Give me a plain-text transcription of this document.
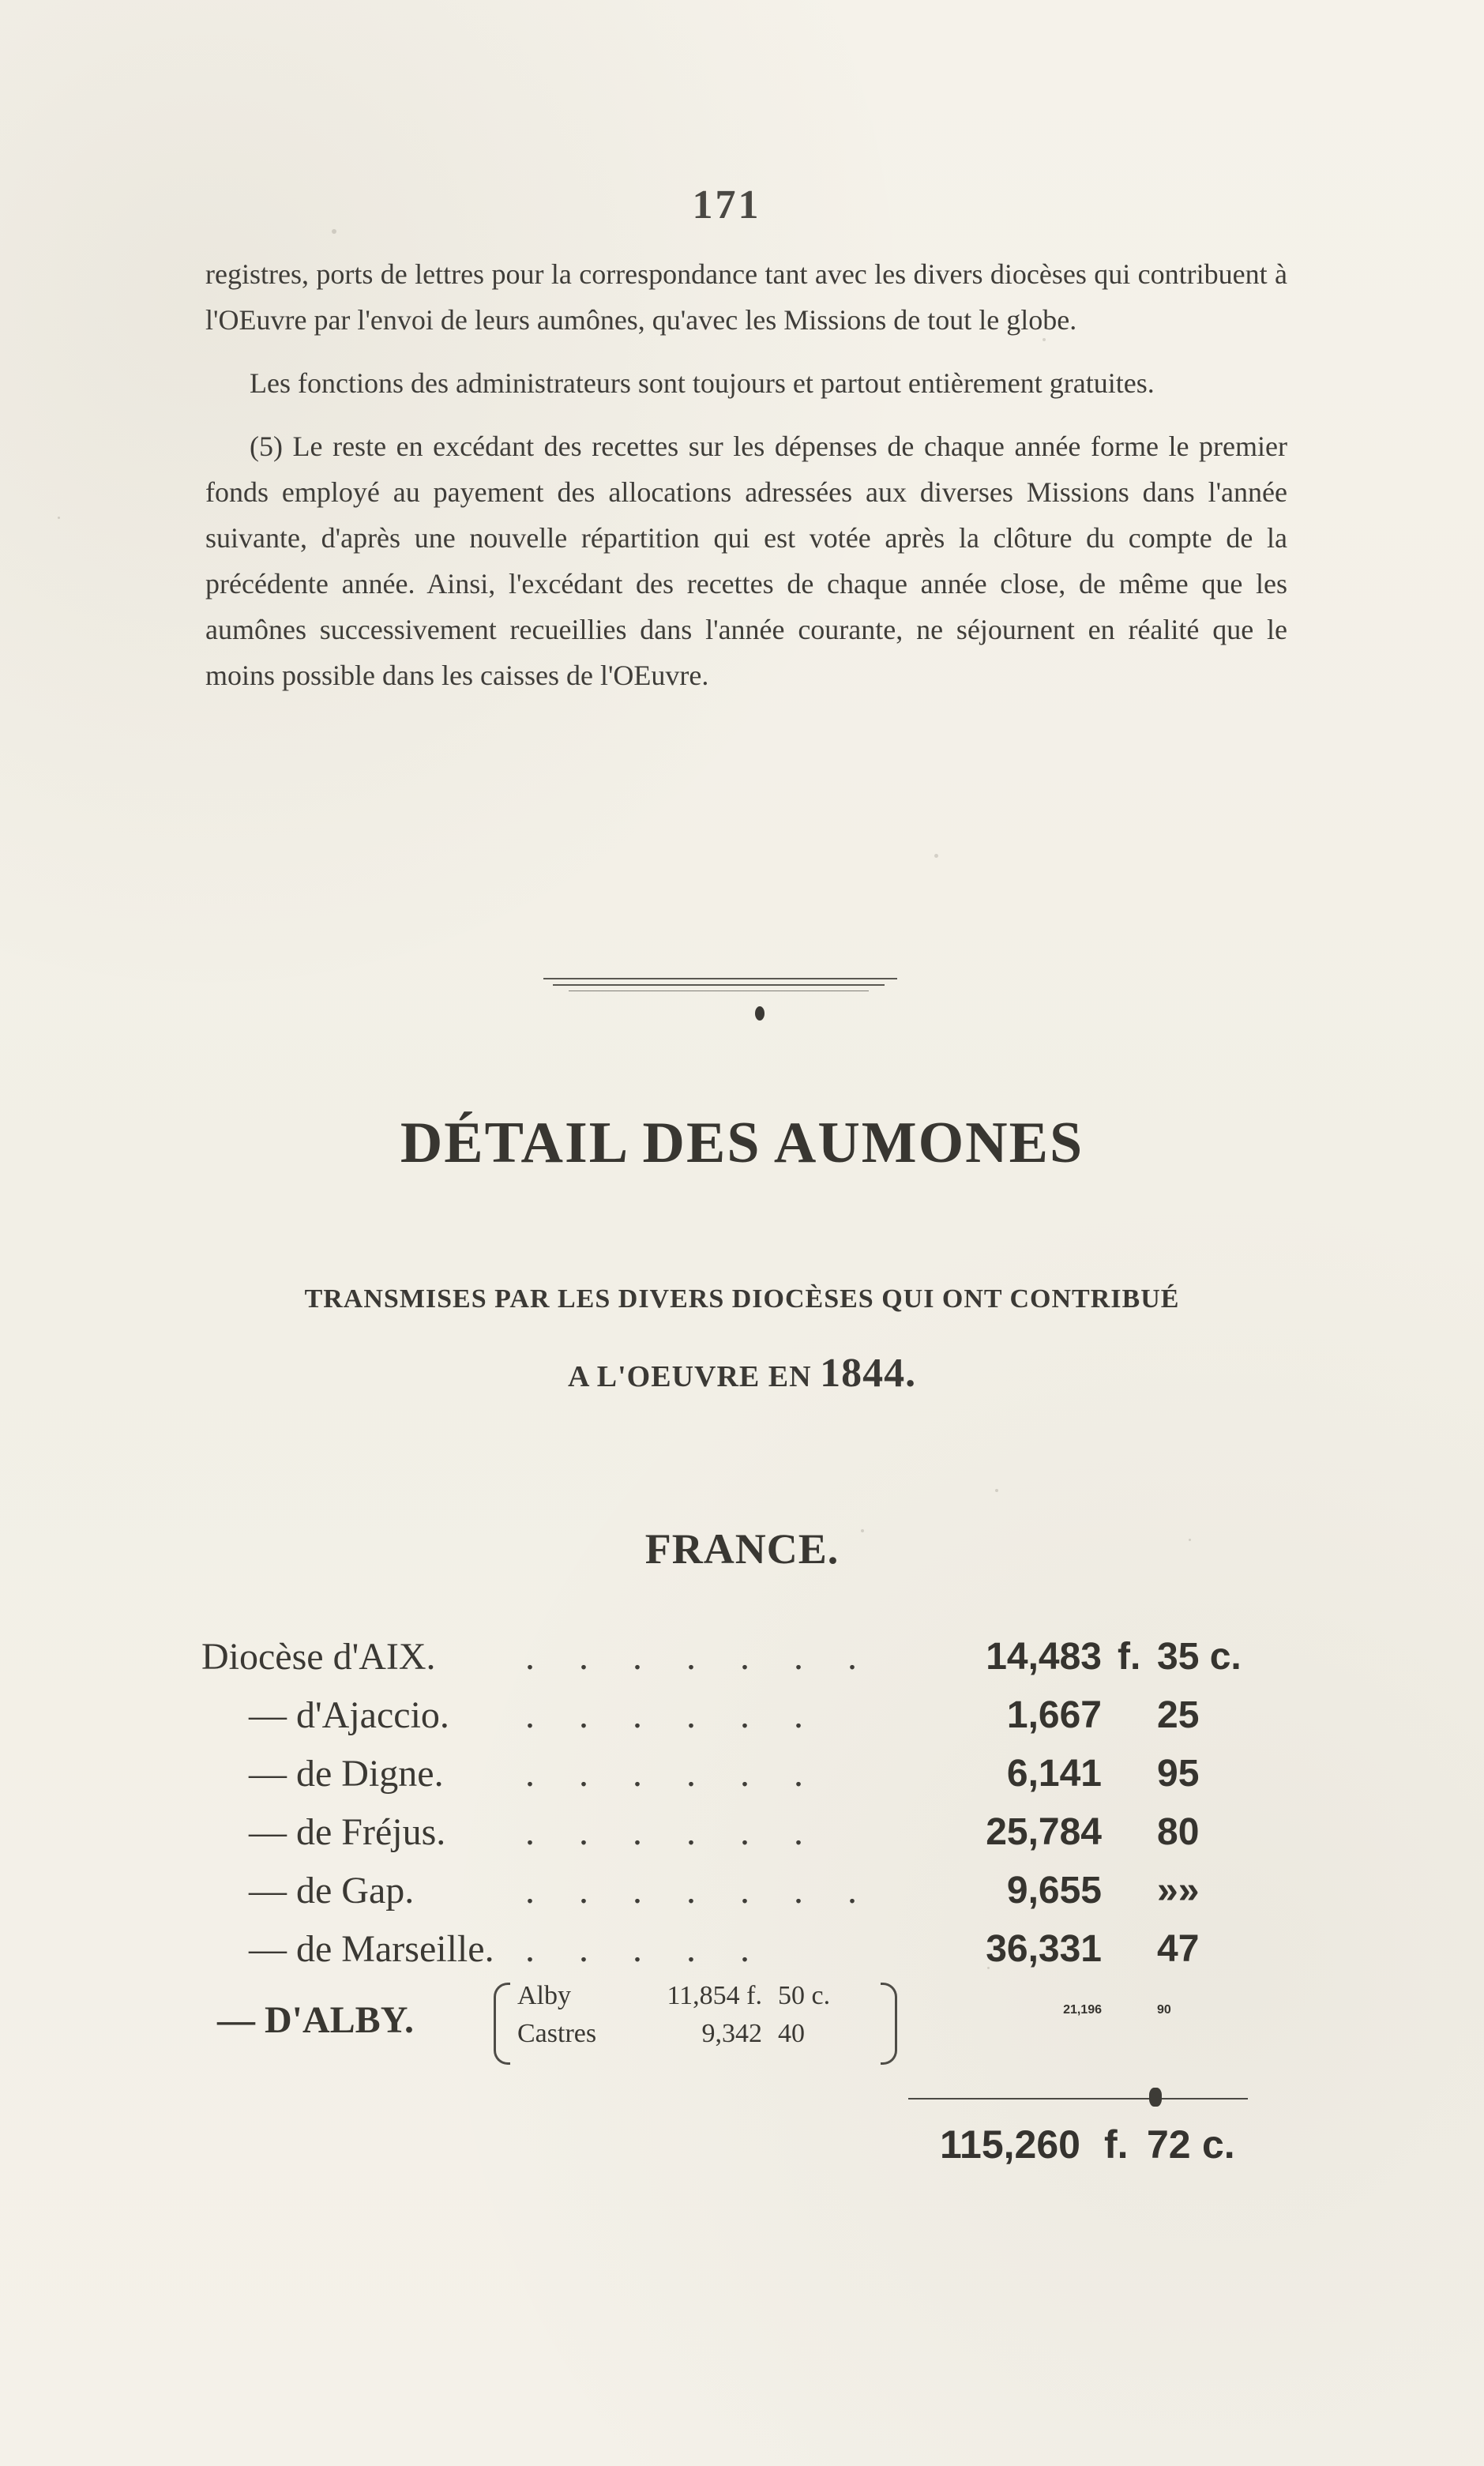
171

registres, ports de lettres pour la correspondance tant avec les divers diocèses qui contribuent à l'OEuvre par l'envoi de leurs aumônes, qu'avec les Missions de tout le globe.

Les fonctions des administrateurs sont toujours et partout entièrement gratuites.

(5) Le reste en excédant des recettes sur les dépenses de chaque année forme le premier fonds employé au payement des allocations adressées aux diverses Missions dans l'année suivante, d'après une nouvelle répartition qui est votée après la clôture du compte de la précédente année. Ainsi, l'excédant des recettes de chaque année close, de même que les aumônes successivement recueillies dans l'année courante, ne séjournent en réalité que le moins possible dans les caisses de l'OEuvre.

DÉTAIL DES AUMONES
TRANSMISES PAR LES DIVERS DIOCÈSES QUI ONT CONTRIBUÉ
A L'OEUVRE EN 1844.
FRANCE.
Diocèse d'AIX. . . . . . . .	14,483 f. 35 c.
— d'Ajaccio. . . . . . .	1,667 25
— de Digne. . . . . . .	6,141 95
— de Fréjus. . . . . . .	25,784 80
— de Gap.	. . . . . . .	9,655 »»
— de Marseille. . . . . .	36,331 47
— D'ALBY.
Alby	11,854 f. 50 c.
Castres	9,342 40
21,196	90
115,260 f. 72 c.
